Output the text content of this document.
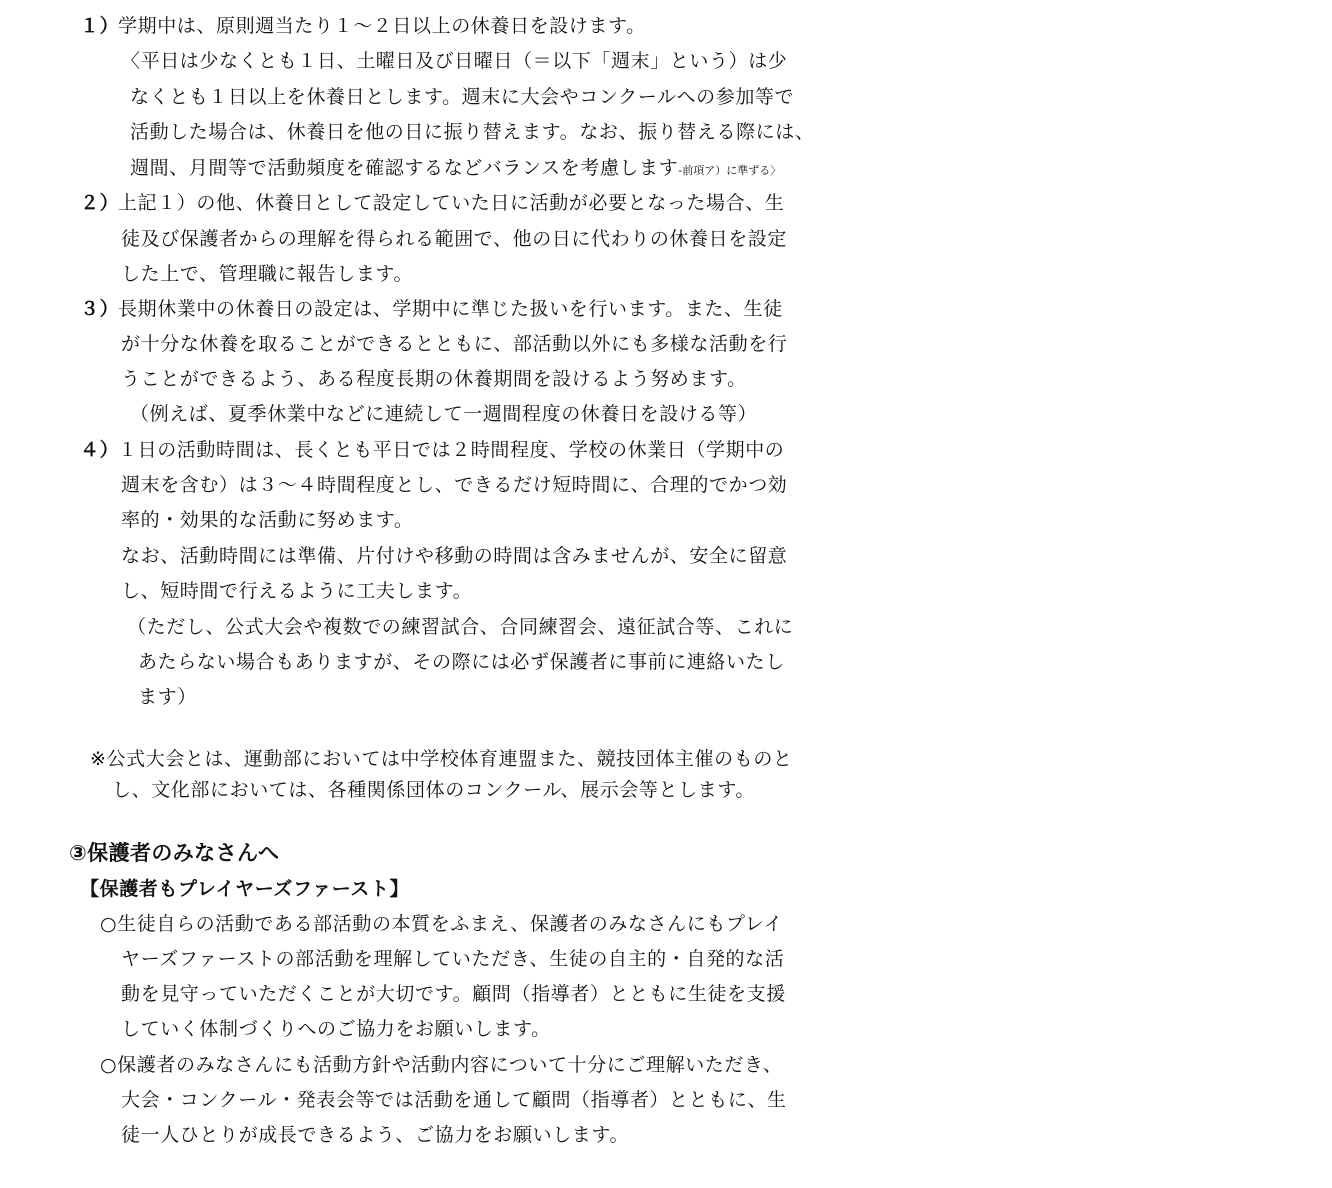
１）学期中は、原則週当たり１～２日以上の休養日を設けます。
〈平日は少なくとも１日、土曜日及び日曜日（＝以下「週末」という）は少
なくとも１日以上を休養日とします。週末に大会やコンクールへの参加等で
活動した場合は、休養日を他の日に振り替えます。なお、振り替える際には、
週間、月間等で活動頻度を確認するなどバランスを考慮します‐前項ア）に準ずる〉
２）上記１）の他、休養日として設定していた日に活動が必要となった場合、生
徒及び保護者からの理解を得られる範囲で、他の日に代わりの休養日を設定
した上で、管理職に報告します。
３）長期休業中の休養日の設定は、学期中に準じた扱いを行います。また、生徒
が十分な休養を取ることができるとともに、部活動以外にも多様な活動を行
うことができるよう、ある程度長期の休養期間を設けるよう努めます。
（例えば、夏季休業中などに連続して一週間程度の休養日を設ける等）
４）１日の活動時間は、長くとも平日では２時間程度、学校の休業日（学期中の
週末を含む）は３～４時間程度とし、できるだけ短時間に、合理的でかつ効
率的・効果的な活動に努めます。
なお、活動時間には準備、片付けや移動の時間は含みませんが、安全に留意
し、短時間で行えるように工夫します。
（ただし、公式大会や複数での練習試合、合同練習会、遠征試合等、これに
あたらない場合もありますが、その際には必ず保護者に事前に連絡いたし
ます）
※公式大会とは、運動部においては中学校体育連盟また、競技団体主催のものと
し、文化部においては、各種関係団体のコンクール、展示会等とします。
③保護者のみなさんへ
【保護者もプレイヤーズファースト】
○生徒自らの活動である部活動の本質をふまえ、保護者のみなさんにもプレイ
ヤーズファーストの部活動を理解していただき、生徒の自主的・自発的な活
動を見守っていただくことが大切です。顧問（指導者）とともに生徒を支援
していく体制づくりへのご協力をお願いします。
○保護者のみなさんにも活動方針や活動内容について十分にご理解いただき、
大会・コンクール・発表会等では活動を通して顧問（指導者）とともに、生
徒一人ひとりが成長できるよう、ご協力をお願いします。
